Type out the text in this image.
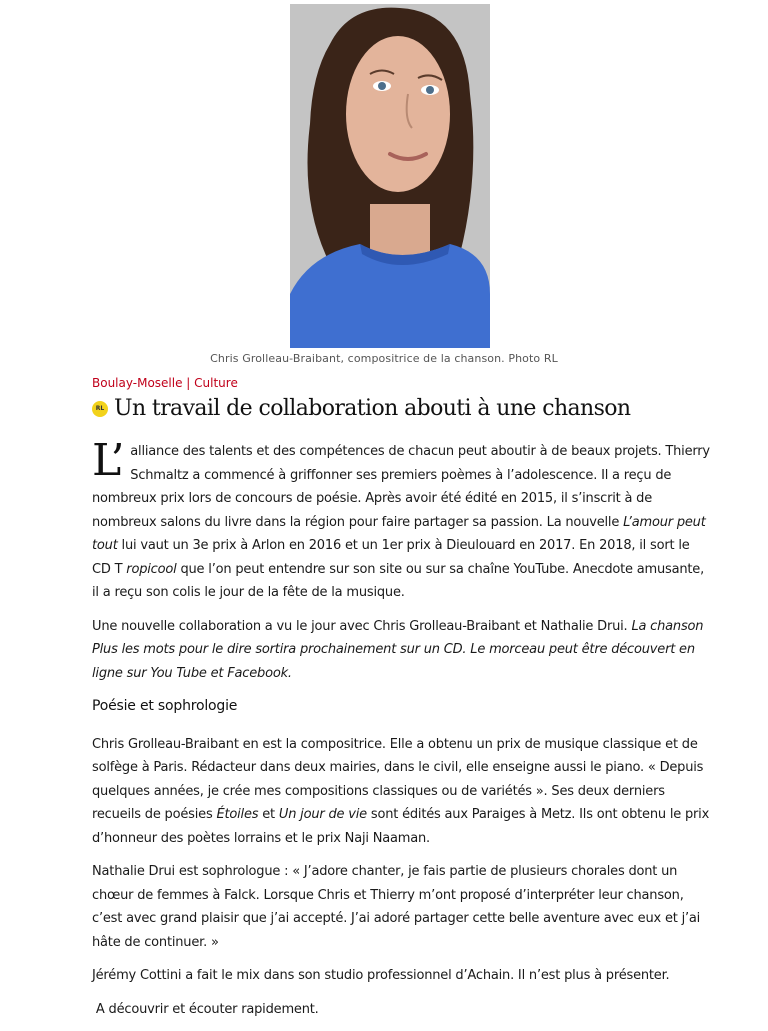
Chris Grolleau-Braibant, compositrice de la chanson. Photo RL
Boulay-Moselle | Culture
RL Un travail de collaboration abouti à une chanson

L’ alliance des talents et des compétences de chacun peut aboutir à de beaux projets. Thierry Schmaltz a commencé à griffonner ses premiers poèmes à l’adolescence. Il a reçu de nombreux prix lors de concours de poésie. Après avoir été édité en 2015, il s’inscrit à de nombreux salons du livre dans la région pour faire partager sa passion. La nouvelle L’amour peut tout lui vaut un 3e prix à Arlon en 2016 et un 1er prix à Dieulouard en 2017. En 2018, il sort le CD T ropicool que l’on peut entendre sur son site ou sur sa chaîne YouTube. Anecdote amusante, il a reçu son colis le jour de la fête de la musique.

Une nouvelle collaboration a vu le jour avec Chris Grolleau-Braibant et Nathalie Drui. La chanson Plus les mots pour le dire sortira prochainement sur un CD. Le morceau peut être découvert en ligne sur You Tube et Facebook.

Poésie et sophrologie

Chris Grolleau-Braibant en est la compositrice. Elle a obtenu un prix de musique classique et de solfège à Paris. Rédacteur dans deux mairies, dans le civil, elle enseigne aussi le piano. « Depuis quelques années, je crée mes compositions classiques ou de variétés ». Ses deux derniers recueils de poésies Étoiles et Un jour de vie sont édités aux Paraiges à Metz. Ils ont obtenu le prix d’honneur des poètes lorrains et le prix Naji Naaman.

Nathalie Drui est sophrologue : « J’adore chanter, je fais partie de plusieurs chorales dont un chœur de femmes à Falck. Lorsque Chris et Thierry m’ont proposé d’interpréter leur chanson, c’est avec grand plaisir que j’ai accepté. J’ai adoré partager cette belle aventure avec eux et j’ai hâte de continuer. »

Jérémy Cottini a fait le mix dans son studio professionnel d’Achain. Il n’est plus à présenter.

A découvrir et écouter rapidement.
